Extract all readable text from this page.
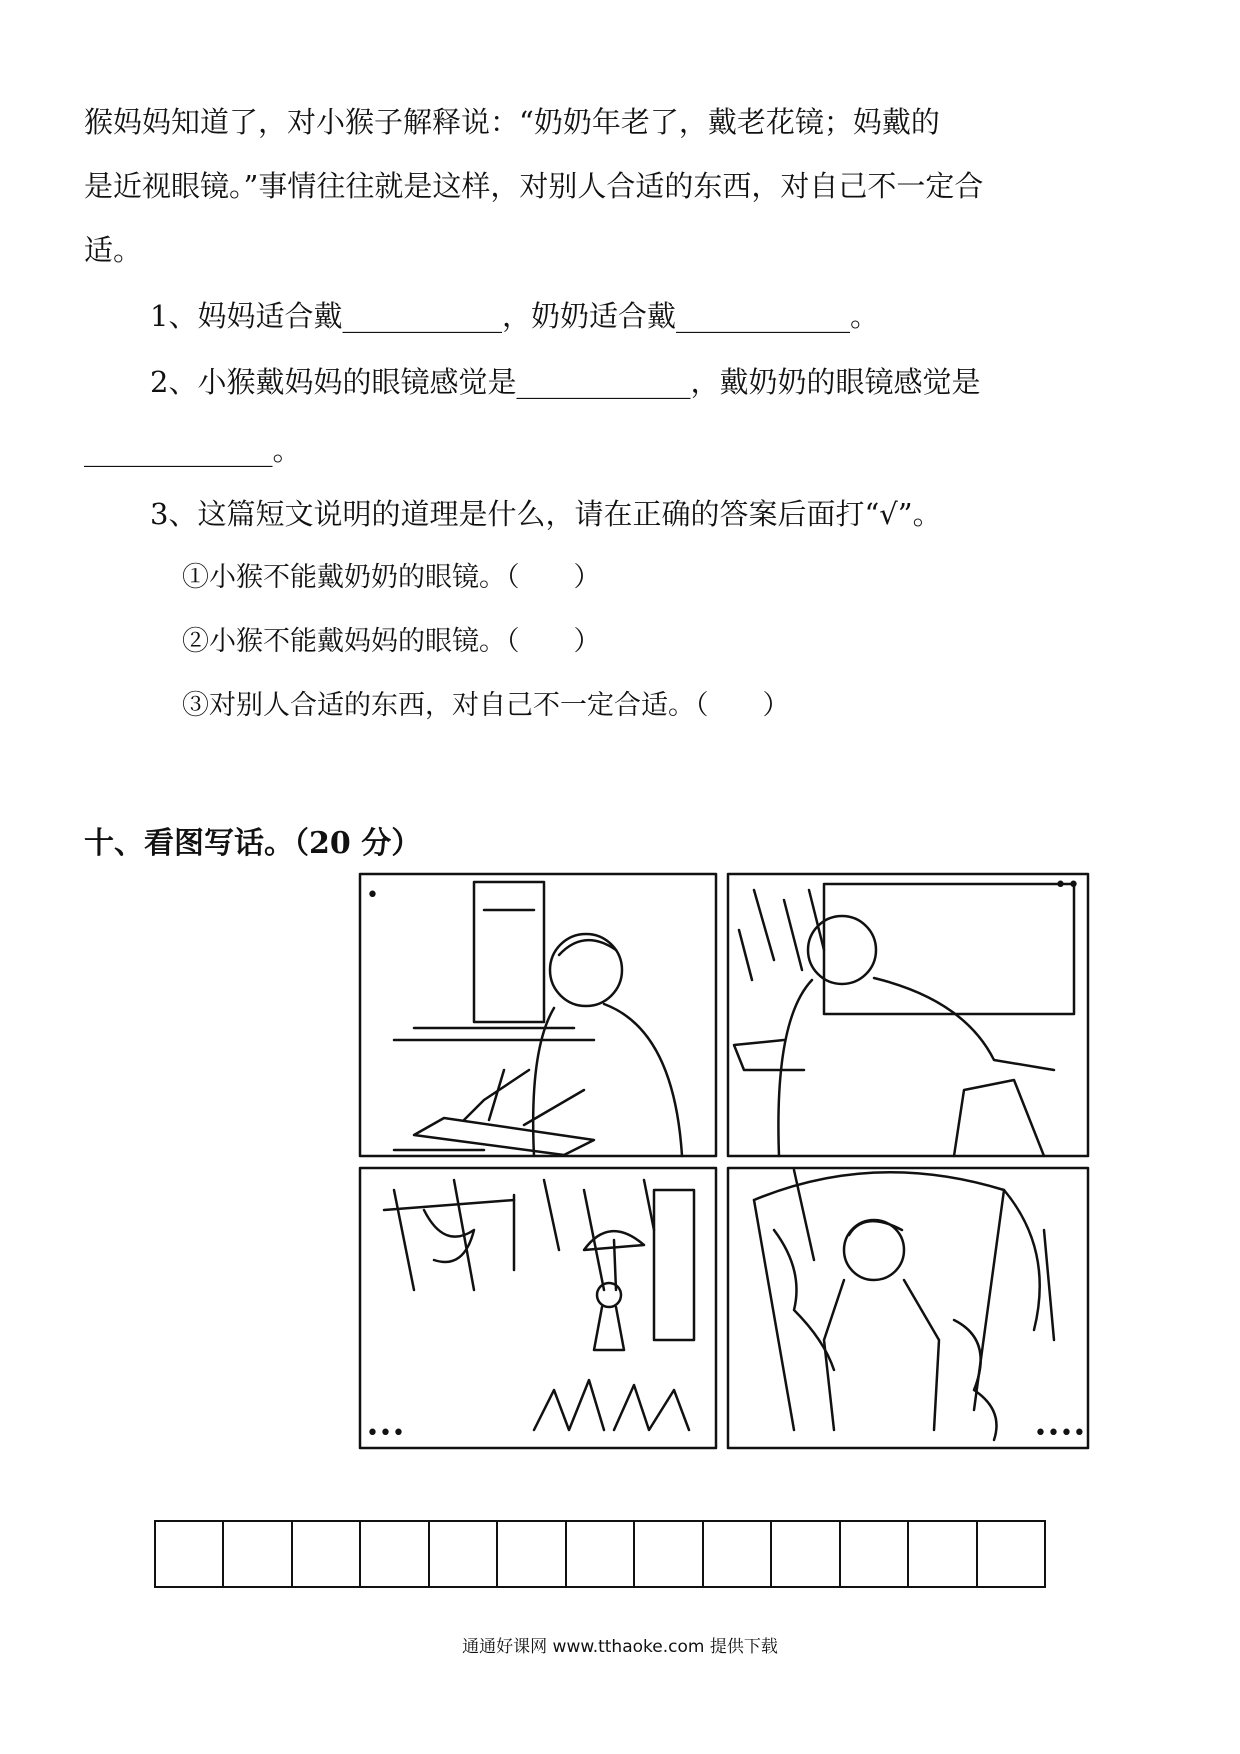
猴妈妈知道了，对小猴子解释说：“奶奶年老了，戴老花镜；妈戴的
是近视眼镜。”事情往往就是这样，对别人合适的东西，对自己不一定合
适。
1、妈妈适合戴___________，奶奶适合戴____________。
2、小猴戴妈妈的眼镜感觉是____________，戴奶奶的眼镜感觉是
_____________。
3、这篇短文说明的道理是什么，请在正确的答案后面打“√”。
①小猴不能戴奶奶的眼镜。（　　）
②小猴不能戴妈妈的眼镜。（　　）
③对别人合适的东西，对自己不一定合适。（　　）
十、看图写话。（20 分）
•	••
•••	••••
通通好课网 www.tthaoke.com 提供下载
